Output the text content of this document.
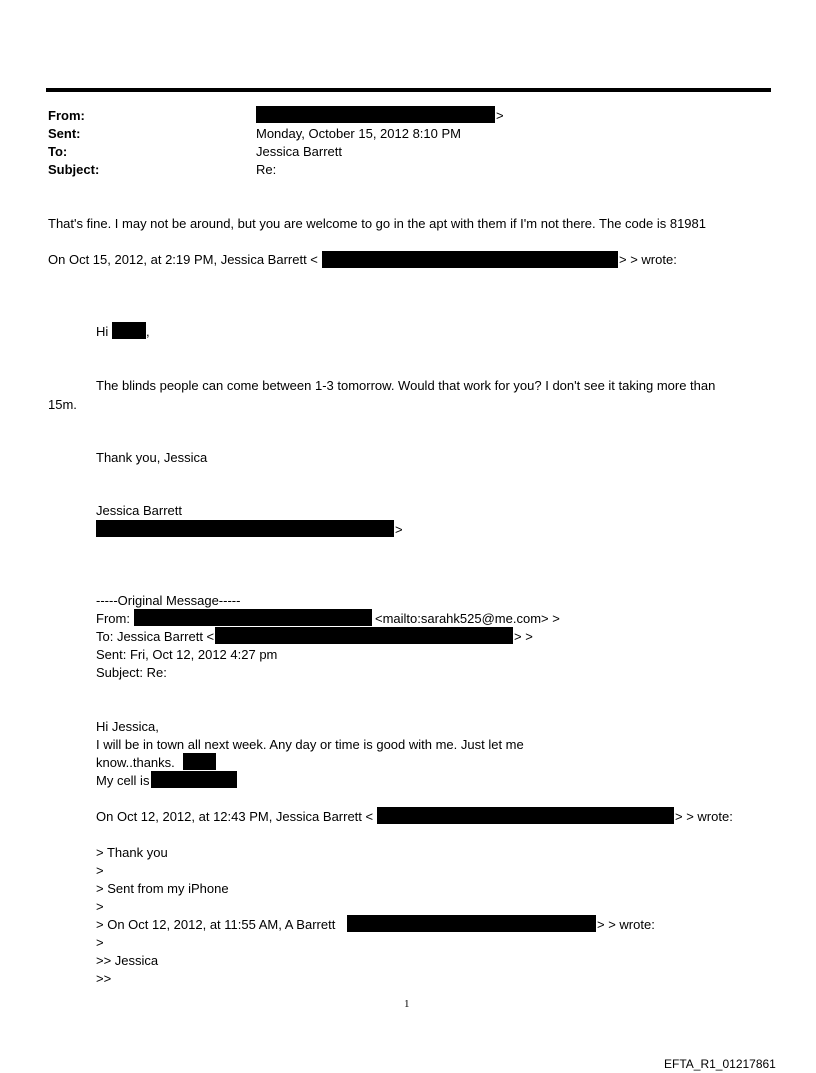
From:	>
Sent:	Monday, October 15, 2012 8:10 PM
To:	Jessica Barrett
Subject:	Re:
That's fine. I may not be around, but you are welcome to go in the apt with them if I'm not there. The code is 81981
On Oct 15, 2012, at 2:19 PM, Jessica Barrett <	> > wrote:
Hi	,
The blinds people can come between 1-3 tomorrow. Would that work for you? I don't see it taking more than
15m.
Thank you, Jessica
Jessica Barrett
>
-----Original Message-----
From:	<mailto:sarahk525@me.com> >
To: Jessica Barrett <	> >
Sent: Fri, Oct 12, 2012 4:27 pm
Subject: Re:
Hi Jessica,
I will be in town all next week. Any day or time is good with me. Just let me
know..thanks.
My cell is
On Oct 12, 2012, at 12:43 PM, Jessica Barrett <	> > wrote:
> Thank you
>
> Sent from my iPhone
>
> On Oct 12, 2012, at 11:55 AM, A Barrett	> > wrote:
>
>> Jessica
>>
1
EFTA_R1_01217861
